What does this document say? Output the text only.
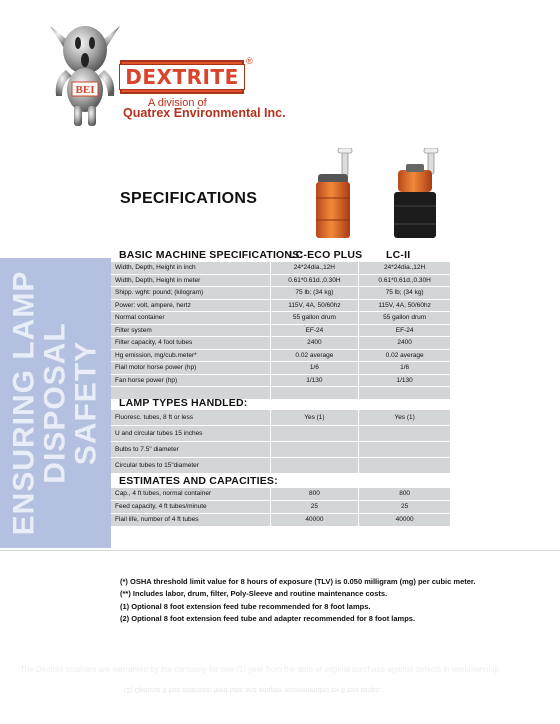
BEI
DEXTRITE
®
A division of
Quatrex Environmental Inc.
SPECIFICATIONS
ENSURING LAMP
DISPOSAL SAFETY
BASIC MACHINE SPECIFICATIONS:
LC-ECO PLUS LC-II
Width, Depth, Height in inch	24*24dia.,12H	24*24dia.,12H
Width, Depth, Height in meter	0.61*0.61d.,0.30H	0.61*0.61d.,0.30H
Shipp. wght: pound; (kilogram)	75 lb; (34 kg)	75 lb; (34 kg)
Power: volt, ampere, hertz	115V, 4A, 50/60hz	115V, 4A, 50/60hz
Normal container	55 gallon drum	55 gallon drum
Filter system	EF-24	EF-24
Filter capacity, 4 foot tubes	2400	2400
Hg emission, mg/cub.meter*	0.02 average	0.02 average
Flail motor horse power (hp)	1/6	1/6
Fan horse power (hp)	1/130	1/130
LAMP TYPES HANDLED:
Fluoresc. tubes, 8 ft or less	Yes (1)	Yes (1)
U and circular tubes 15 inches
Bulbs to 7.5" diameter
Circular tubes to 15"diameter
ESTIMATES AND CAPACITIES:
Cap., 4 ft tubes, normal container	800	800
Feed capacity, 4 ft tubes/minute	25	25
Flail life, number of 4 ft tubes	40000	40000
(*) OSHA threshold limit value for 8 hours of exposure (TLV) is 0.050 milligram (mg) per cubic meter.
(**) Includes labor, drum, filter, Poly-Sleeve and routine maintenance costs.
(1) Optional 8 foot extension feed tube recommended for 8 foot lamps.
(2) Optional 8 foot extension feed tube and adapter recommended for 8 foot lamps.
The Dextrite crushers are warranted by the company for one (1) year from the date of original purchase against defects in workmanship
(2) Optional 8 foot extension feed tube and adapter recommended for 8 foot lamps.
